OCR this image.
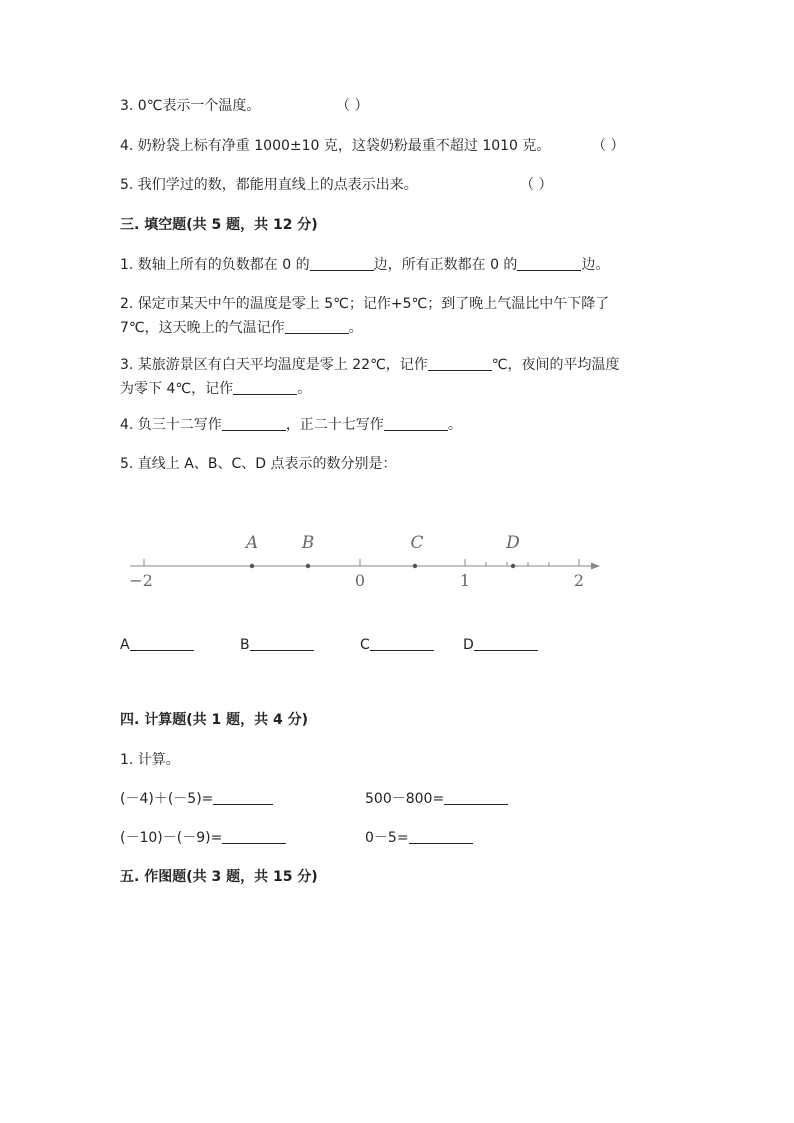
3. 0℃表示一个温度。	（ ）
4. 奶粉袋上标有净重 1000±10 克，这袋奶粉最重不超过 1010 克。	（ ）
5. 我们学过的数，都能用直线上的点表示出来。	（ ）
三. 填空题(共 5 题，共 12 分)
1. 数轴上所有的负数都在 0 的	边，所有正数都在 0 的	边。
2. 保定市某天中午的温度是零上 5℃；记作+5℃；到了晚上气温比中午下降了
7℃，这天晚上的气温记作	。
3. 某旅游景区有白天平均温度是零上 22℃，记作	℃，夜间的平均温度
为零下 4℃，记作	。
4. 负三十二写作	，正二十七写作	。
5. 直线上 A、B、C、D 点表示的数分别是：
A	B	C	D
−2	0	1	2
A	B	C	D
四. 计算题(共 1 题，共 4 分)
1. 计算。
(－4)＋(－5)=	500－800=
(－10)－(－9)=	0－5=
五. 作图题(共 3 题，共 15 分)
